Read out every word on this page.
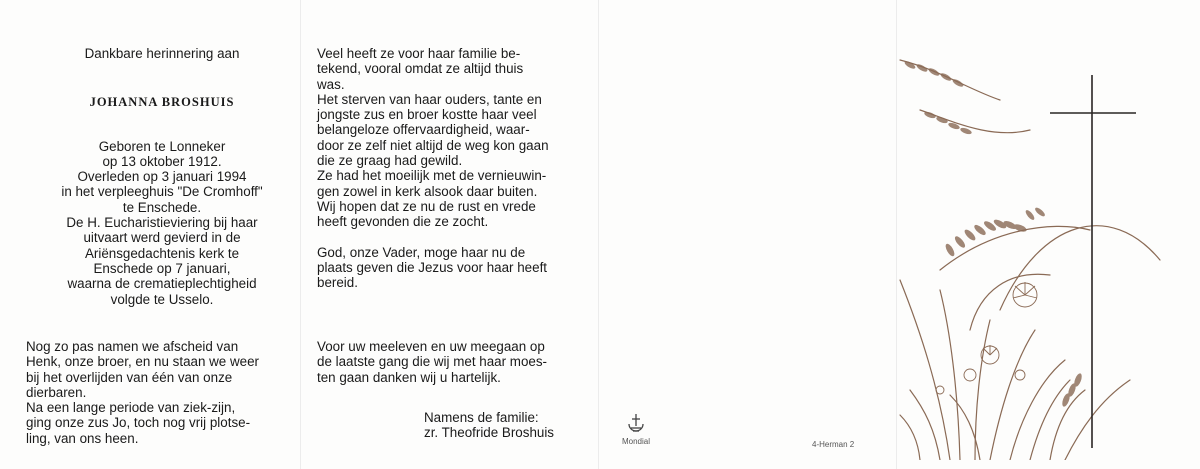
Dankbare herinnering aan
JOHANNA BROSHUIS
Geboren te Lonneker
op 13 oktober 1912.
Overleden op 3 januari 1994
in het verpleeghuis "De Cromhoff"
te Enschede.
De H. Eucharistieviering bij haar
uitvaart werd gevierd in de
Ariënsgedachtenis kerk te
Enschede op 7 januari,
waarna de crematieplechtigheid
volgde te Usselo.
Nog zo pas namen we afscheid van
Henk, onze broer, en nu staan we weer
bij het overlijden van één van onze
dierbaren.
Na een lange periode van ziek-zijn,
ging onze zus Jo, toch nog vrij plotse-
ling, van ons heen.
Veel heeft ze voor haar familie be-
tekend, vooral omdat ze altijd thuis
was.
Het sterven van haar ouders, tante en
jongste zus en broer kostte haar veel
belangeloze offervaardigheid, waar-
door ze zelf niet altijd de weg kon gaan
die ze graag had gewild.
Ze had het moeilijk met de vernieuwin-
gen zowel in kerk alsook daar buiten.
Wij hopen dat ze nu de rust en vrede
heeft gevonden die ze zocht.
God, onze Vader, moge haar nu de
plaats geven die Jezus voor haar heeft
bereid.
Voor uw meeleven en uw meegaan op
de laatste gang die wij met haar moes-
ten gaan danken wij u hartelijk.
Namens de familie:
zr. Theofride Broshuis
Mondial	4-Herman 2
